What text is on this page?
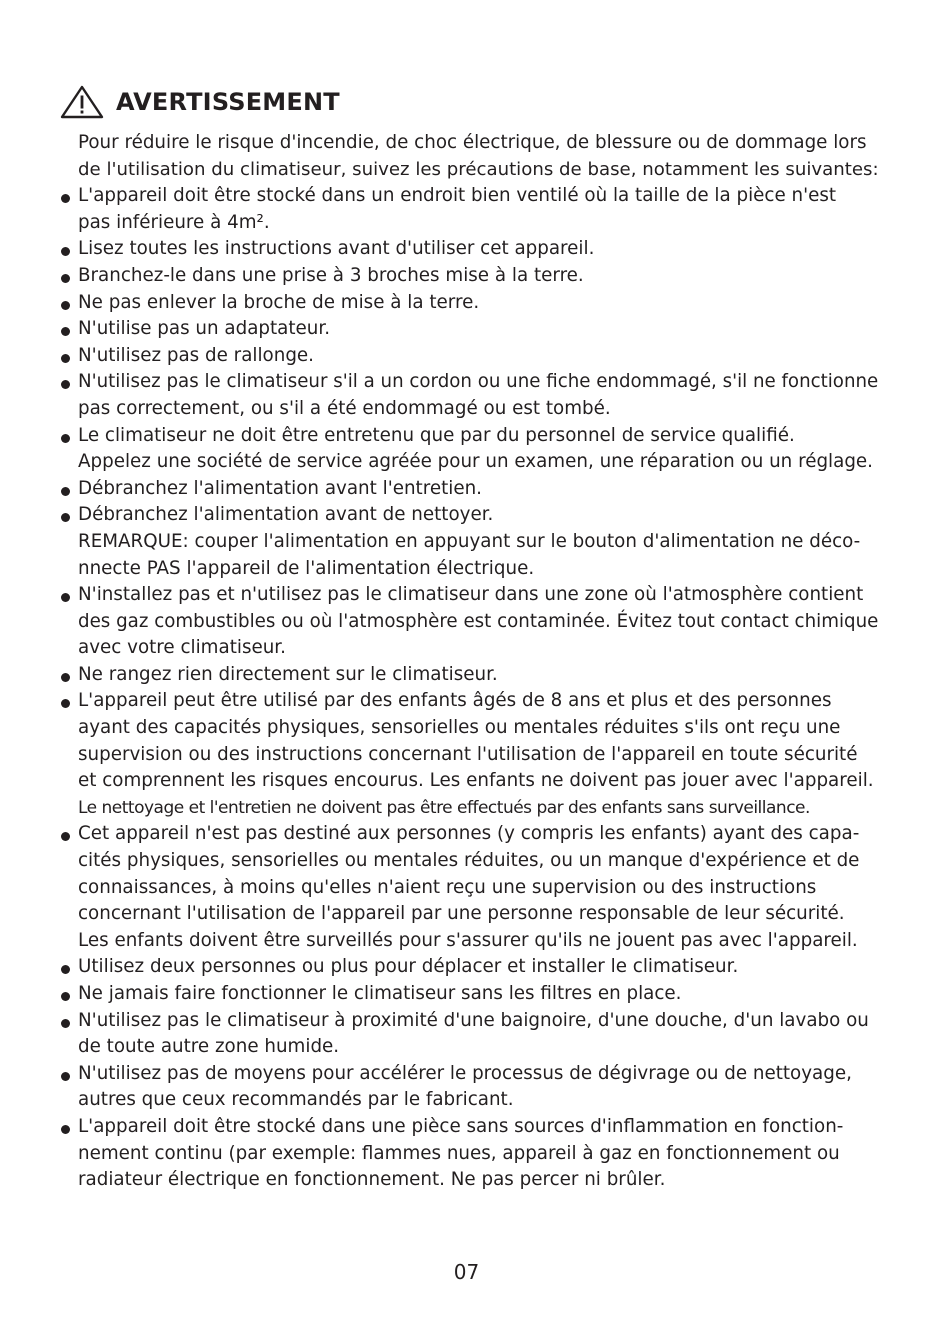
AVERTISSEMENT

Pour réduire le risque d'incendie, de choc électrique, de blessure ou de dommage lors

de l'utilisation du climatiseur, suivez les précautions de base, notamment les suivantes:

L'appareil doit être stocké dans un endroit bien ventilé où la taille de la pièce n'est
pas inférieure à 4m².
Lisez toutes les instructions avant d'utiliser cet appareil.
Branchez-le dans une prise à 3 broches mise à la terre.
Ne pas enlever la broche de mise à la terre.
N'utilise pas un adaptateur.
N'utilisez pas de rallonge.
N'utilisez pas le climatiseur s'il a un cordon ou une fiche endommagé, s'il ne fonctionne
pas correctement, ou s'il a été endommagé ou est tombé.
Le climatiseur ne doit être entretenu que par du personnel de service qualifié.
Appelez une société de service agréée pour un examen, une réparation ou un réglage.
Débranchez l'alimentation avant l'entretien.
Débranchez l'alimentation avant de nettoyer.
REMARQUE: couper l'alimentation en appuyant sur le bouton d'alimentation ne déco-
nnecte PAS l'appareil de l'alimentation électrique.
N'installez pas et n'utilisez pas le climatiseur dans une zone où l'atmosphère contient
des gaz combustibles ou où l'atmosphère est contaminée. Évitez tout contact chimique
avec votre climatiseur.
Ne rangez rien directement sur le climatiseur.
L'appareil peut être utilisé par des enfants âgés de 8 ans et plus et des personnes
ayant des capacités physiques, sensorielles ou mentales réduites s'ils ont reçu une
supervision ou des instructions concernant l'utilisation de l'appareil en toute sécurité
et comprennent les risques encourus. Les enfants ne doivent pas jouer avec l'appareil.
Le nettoyage et l'entretien ne doivent pas être effectués par des enfants sans surveillance.
Cet appareil n'est pas destiné aux personnes (y compris les enfants) ayant des capa-
cités physiques, sensorielles ou mentales réduites, ou un manque d'expérience et de
connaissances, à moins qu'elles n'aient reçu une supervision ou des instructions
concernant l'utilisation de l'appareil par une personne responsable de leur sécurité.
Les enfants doivent être surveillés pour s'assurer qu'ils ne jouent pas avec l'appareil.
Utilisez deux personnes ou plus pour déplacer et installer le climatiseur.
Ne jamais faire fonctionner le climatiseur sans les filtres en place.
N'utilisez pas le climatiseur à proximité d'une baignoire, d'une douche, d'un lavabo ou
de toute autre zone humide.
N'utilisez pas de moyens pour accélérer le processus de dégivrage ou de nettoyage,
autres que ceux recommandés par le fabricant.
L'appareil doit être stocké dans une pièce sans sources d'inflammation en fonction-
nement continu (par exemple: flammes nues, appareil à gaz en fonctionnement ou
radiateur électrique en fonctionnement. Ne pas percer ni brûler.
07
